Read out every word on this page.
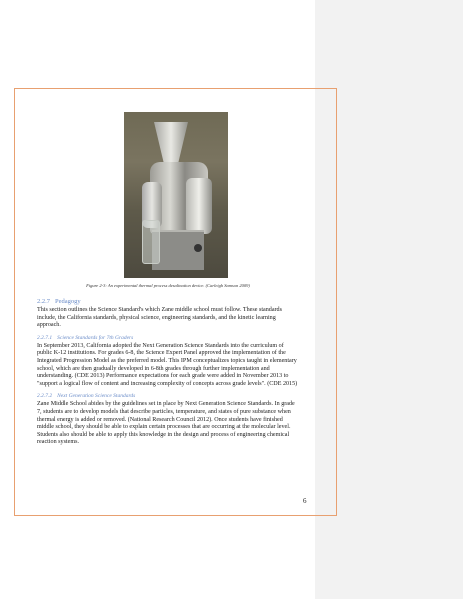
Figure 2-3: An experimental thermal process desalination device. (Carleigh Samson 2009)
2.2.7 Pedagogy

This section outlines the Science Standard's which Zane middle school must follow. These standards include, the California standards, physical science, engineering standards, and the kinetic learning approach.

2.2.7.1 Science Standards for 7th Graders

In September 2013, California adopted the Next Generation Science Standards into the curriculum of public K-12 institutions. For grades 6-8, the Science Expert Panel approved the implementation of the Integrated Progression Model as the preferred model. This IPM conceptualizes topics taught in elementary school, which are then gradually developed in 6-8th grades through further implementation and understanding. (CDE 2013) Performance expectations for each grade were added in November 2013 to "support a logical flow of content and increasing complexity of concepts across grade levels". (CDE 2015)

2.2.7.2 Next Generation Science Standards

Zane Middle School abides by the guidelines set in place by Next Generation Science Standards. In grade 7, students are to develop models that describe particles, temperature, and states of pure substance when thermal energy is added or removed. (National Research Council 2012). Once students have finished middle school, they should be able to explain certain processes that are occurring at the molecular level. Students also should be able to apply this knowledge in the design and process of engineering chemical reaction systems.

6
